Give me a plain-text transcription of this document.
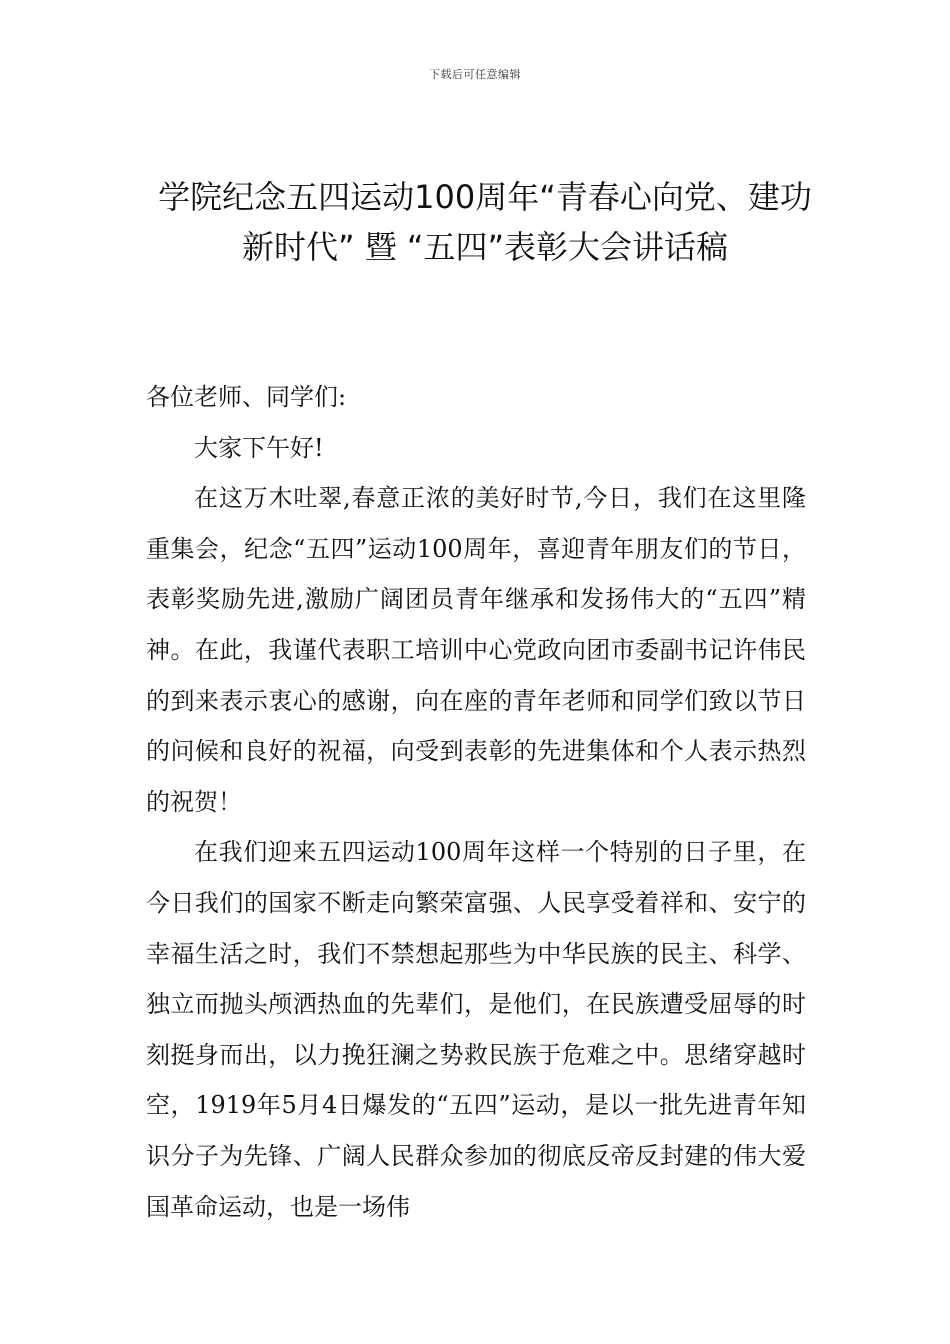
下载后可任意编辑
学院纪念五四运动100周年“青春心向党、建功新时代” 暨 “五四”表彰大会讲话稿

各位老师、同学们:

大家下午好!

在这万木吐翠,春意正浓的美好时节,今日，我们在这里隆重集会，纪念“五四”运动100周年，喜迎青年朋友们的节日，表彰奖励先进,激励广阔团员青年继承和发扬伟大的“五四”精神。在此，我谨代表职工培训中心党政向团市委副书记许伟民的到来表示衷心的感谢，向在座的青年老师和同学们致以节日的问候和良好的祝福，向受到表彰的先进集体和个人表示热烈的祝贺！

在我们迎来五四运动100周年这样一个特别的日子里，在今日我们的国家不断走向繁荣富强、人民享受着祥和、安宁的幸福生活之时，我们不禁想起那些为中华民族的民主、科学、独立而抛头颅洒热血的先辈们，是他们，在民族遭受屈辱的时刻挺身而出，以力挽狂澜之势救民族于危难之中。思绪穿越时空，1919年5月4日爆发的“五四”运动，是以一批先进青年知识分子为先锋、广阔人民群众参加的彻底反帝反封建的伟大爱国革命运动，也是一场伟
